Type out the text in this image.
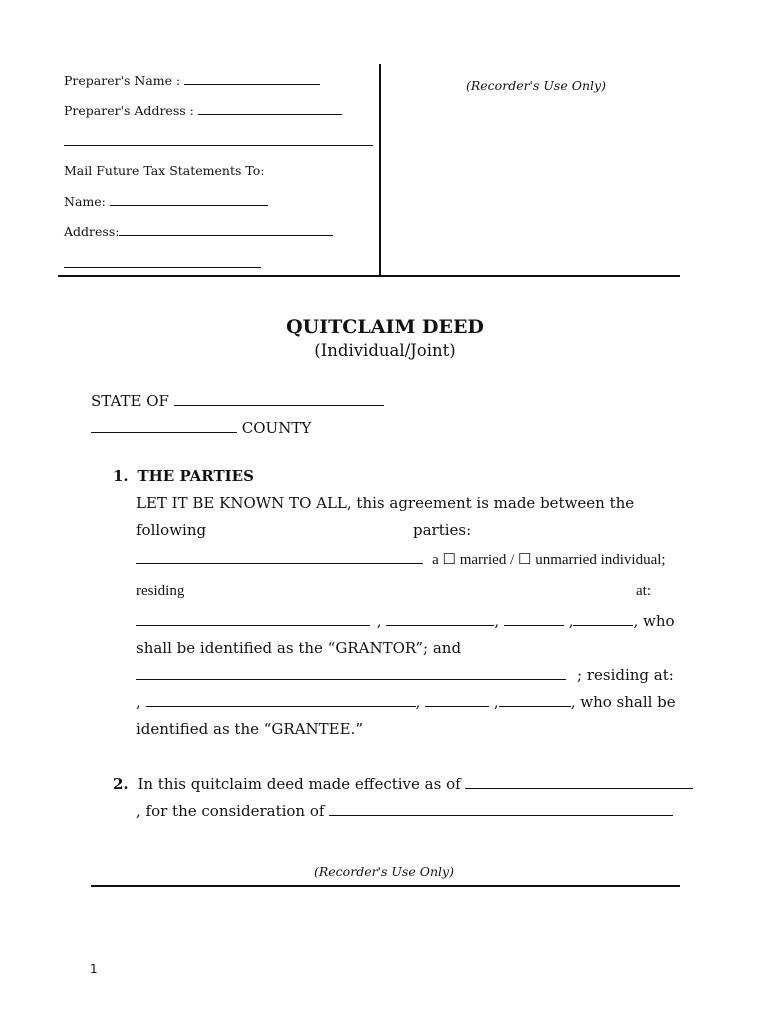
Preparer's Name :
Preparer's Address :
Mail Future Tax Statements To:
Name:
Address:
(Recorder's Use Only)
QUITCLAIM DEED
(Individual/Joint)
STATE OF
COUNTY
1. THE PARTIES
LET IT BE KNOWN TO ALL, this agreement is made between the
following	parties:
a ☐ married / ☐ unmarried individual;
residing	at:
,	,	,	, who
shall be identified as the “GRANTOR”; and
; residing at:
,	,	,	, who shall be
identified as the “GRANTEE.”
2. In this quitclaim deed made effective as of
, for the consideration of
(Recorder's Use Only)
1
